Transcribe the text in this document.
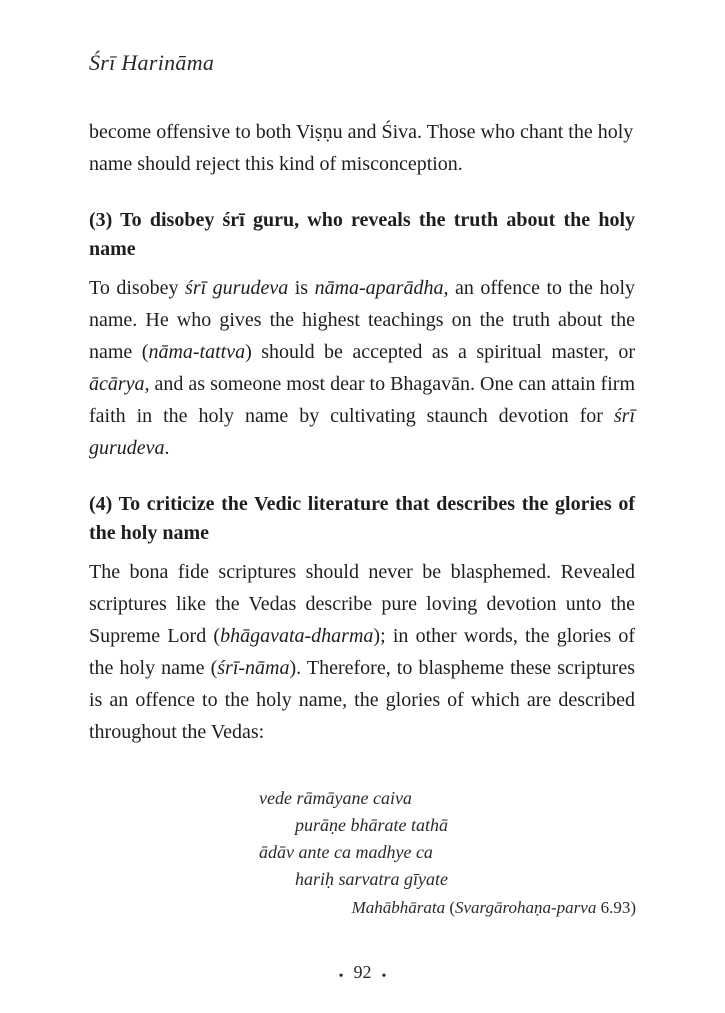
Śrī Harināma

become offensive to both Viṣṇu and Śiva. Those who chant the holy name should reject this kind of misconception.

(3) To disobey śrī guru, who reveals the truth about the holy name

To disobey śrī gurudeva is nāma-aparādha, an offence to the holy name. He who gives the highest teachings on the truth about the name (nāma-tattva) should be accepted as a spiritual master, or ācārya, and as someone most dear to Bhagavān. One can attain firm faith in the holy name by cultivating staunch devotion for śrī gurudeva.

(4) To criticize the Vedic literature that describes the glories of the holy name

The bona fide scriptures should never be blasphemed. Revealed scriptures like the Vedas describe pure loving devotion unto the Supreme Lord (bhāgavata-dharma); in other words, the glories of the holy name (śrī-nāma). Therefore, to blaspheme these scriptures is an offence to the holy name, the glories of which are described throughout the Vedas:

vede rāmāyane caiva
purāṇe bhārate tathā
ādāv ante ca madhye ca
hariḥ sarvatra gīyate
Mahābhārata (Svargārohaṇa-parva 6.93)
• 92 •
